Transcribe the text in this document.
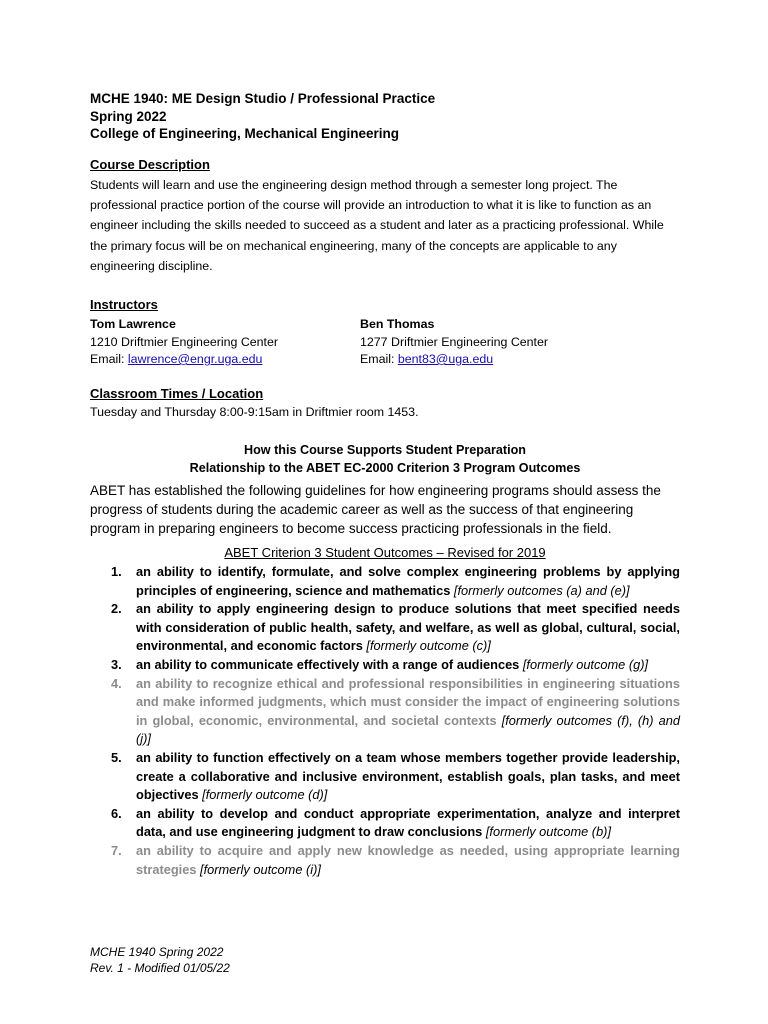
MCHE 1940: ME Design Studio / Professional Practice
Spring 2022
College of Engineering, Mechanical Engineering
Course Description
Students will learn and use the engineering design method through a semester long project. The
professional practice portion of the course will provide an introduction to what it is like to function as an
engineer including the skills needed to succeed as a student and later as a practicing professional. While
the primary focus will be on mechanical engineering, many of the concepts are applicable to any
engineering discipline.
Instructors
Tom Lawrence
1210 Driftmier Engineering Center
Email: lawrence@engr.uga.edu
Ben Thomas
1277 Driftmier Engineering Center
Email: bent83@uga.edu
Classroom Times / Location
Tuesday and Thursday 8:00-9:15am in Driftmier room 1453.
How this Course Supports Student Preparation
Relationship to the ABET EC-2000 Criterion 3 Program Outcomes
ABET has established the following guidelines for how engineering programs should assess the
progress of students during the academic career as well as the success of that engineering
program in preparing engineers to become success practicing professionals in the field.
ABET Criterion 3 Student Outcomes – Revised for 2019
1. an ability to identify, formulate, and solve complex engineering problems by applying principles of engineering, science and mathematics [formerly outcomes (a) and (e)]
2. an ability to apply engineering design to produce solutions that meet specified needs with consideration of public health, safety, and welfare, as well as global, cultural, social, environmental, and economic factors [formerly outcome (c)]
3. an ability to communicate effectively with a range of audiences [formerly outcome (g)]
4. an ability to recognize ethical and professional responsibilities in engineering situations and make informed judgments, which must consider the impact of engineering solutions in global, economic, environmental, and societal contexts [formerly outcomes (f), (h) and (j)]
5. an ability to function effectively on a team whose members together provide leadership, create a collaborative and inclusive environment, establish goals, plan tasks, and meet objectives [formerly outcome (d)]
6. an ability to develop and conduct appropriate experimentation, analyze and interpret data, and use engineering judgment to draw conclusions [formerly outcome (b)]
7. an ability to acquire and apply new knowledge as needed, using appropriate learning strategies [formerly outcome (i)]
MCHE 1940 Spring 2022
Rev. 1 - Modified 01/05/22
